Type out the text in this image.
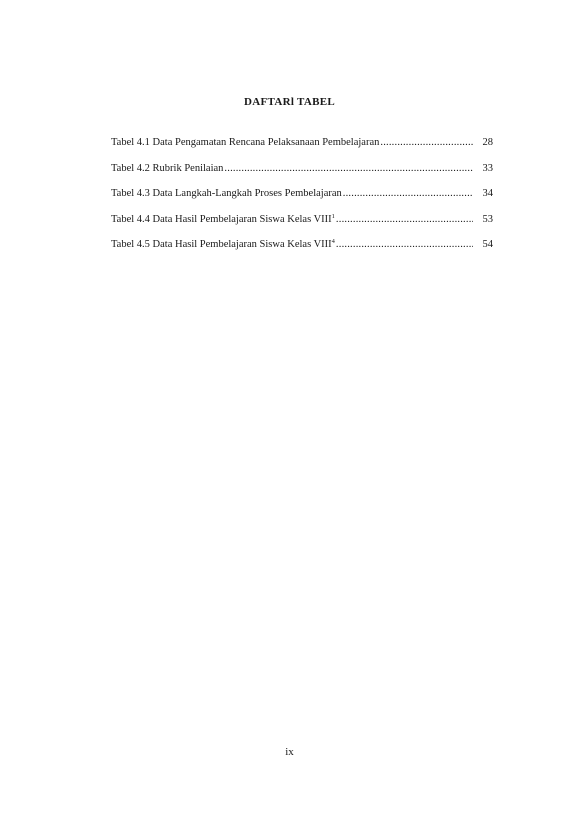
DAFTARl TABEL
Tabel 4.1 Data Pengamatan Rencana Pelaksanaan Pembelajaran .....	28
Tabel 4.2 Rubrik Penilaian .....	33
Tabel 4.3 Data Langkah-Langkah Proses Pembelajaran .....	34
Tabel 4.4 Data Hasil Pembelajaran Siswa Kelas VIII$^1$ .....	53
Tabel 4.5 Data Hasil Pembelajaran Siswa Kelas VIII$^4$ .....	54
ix
